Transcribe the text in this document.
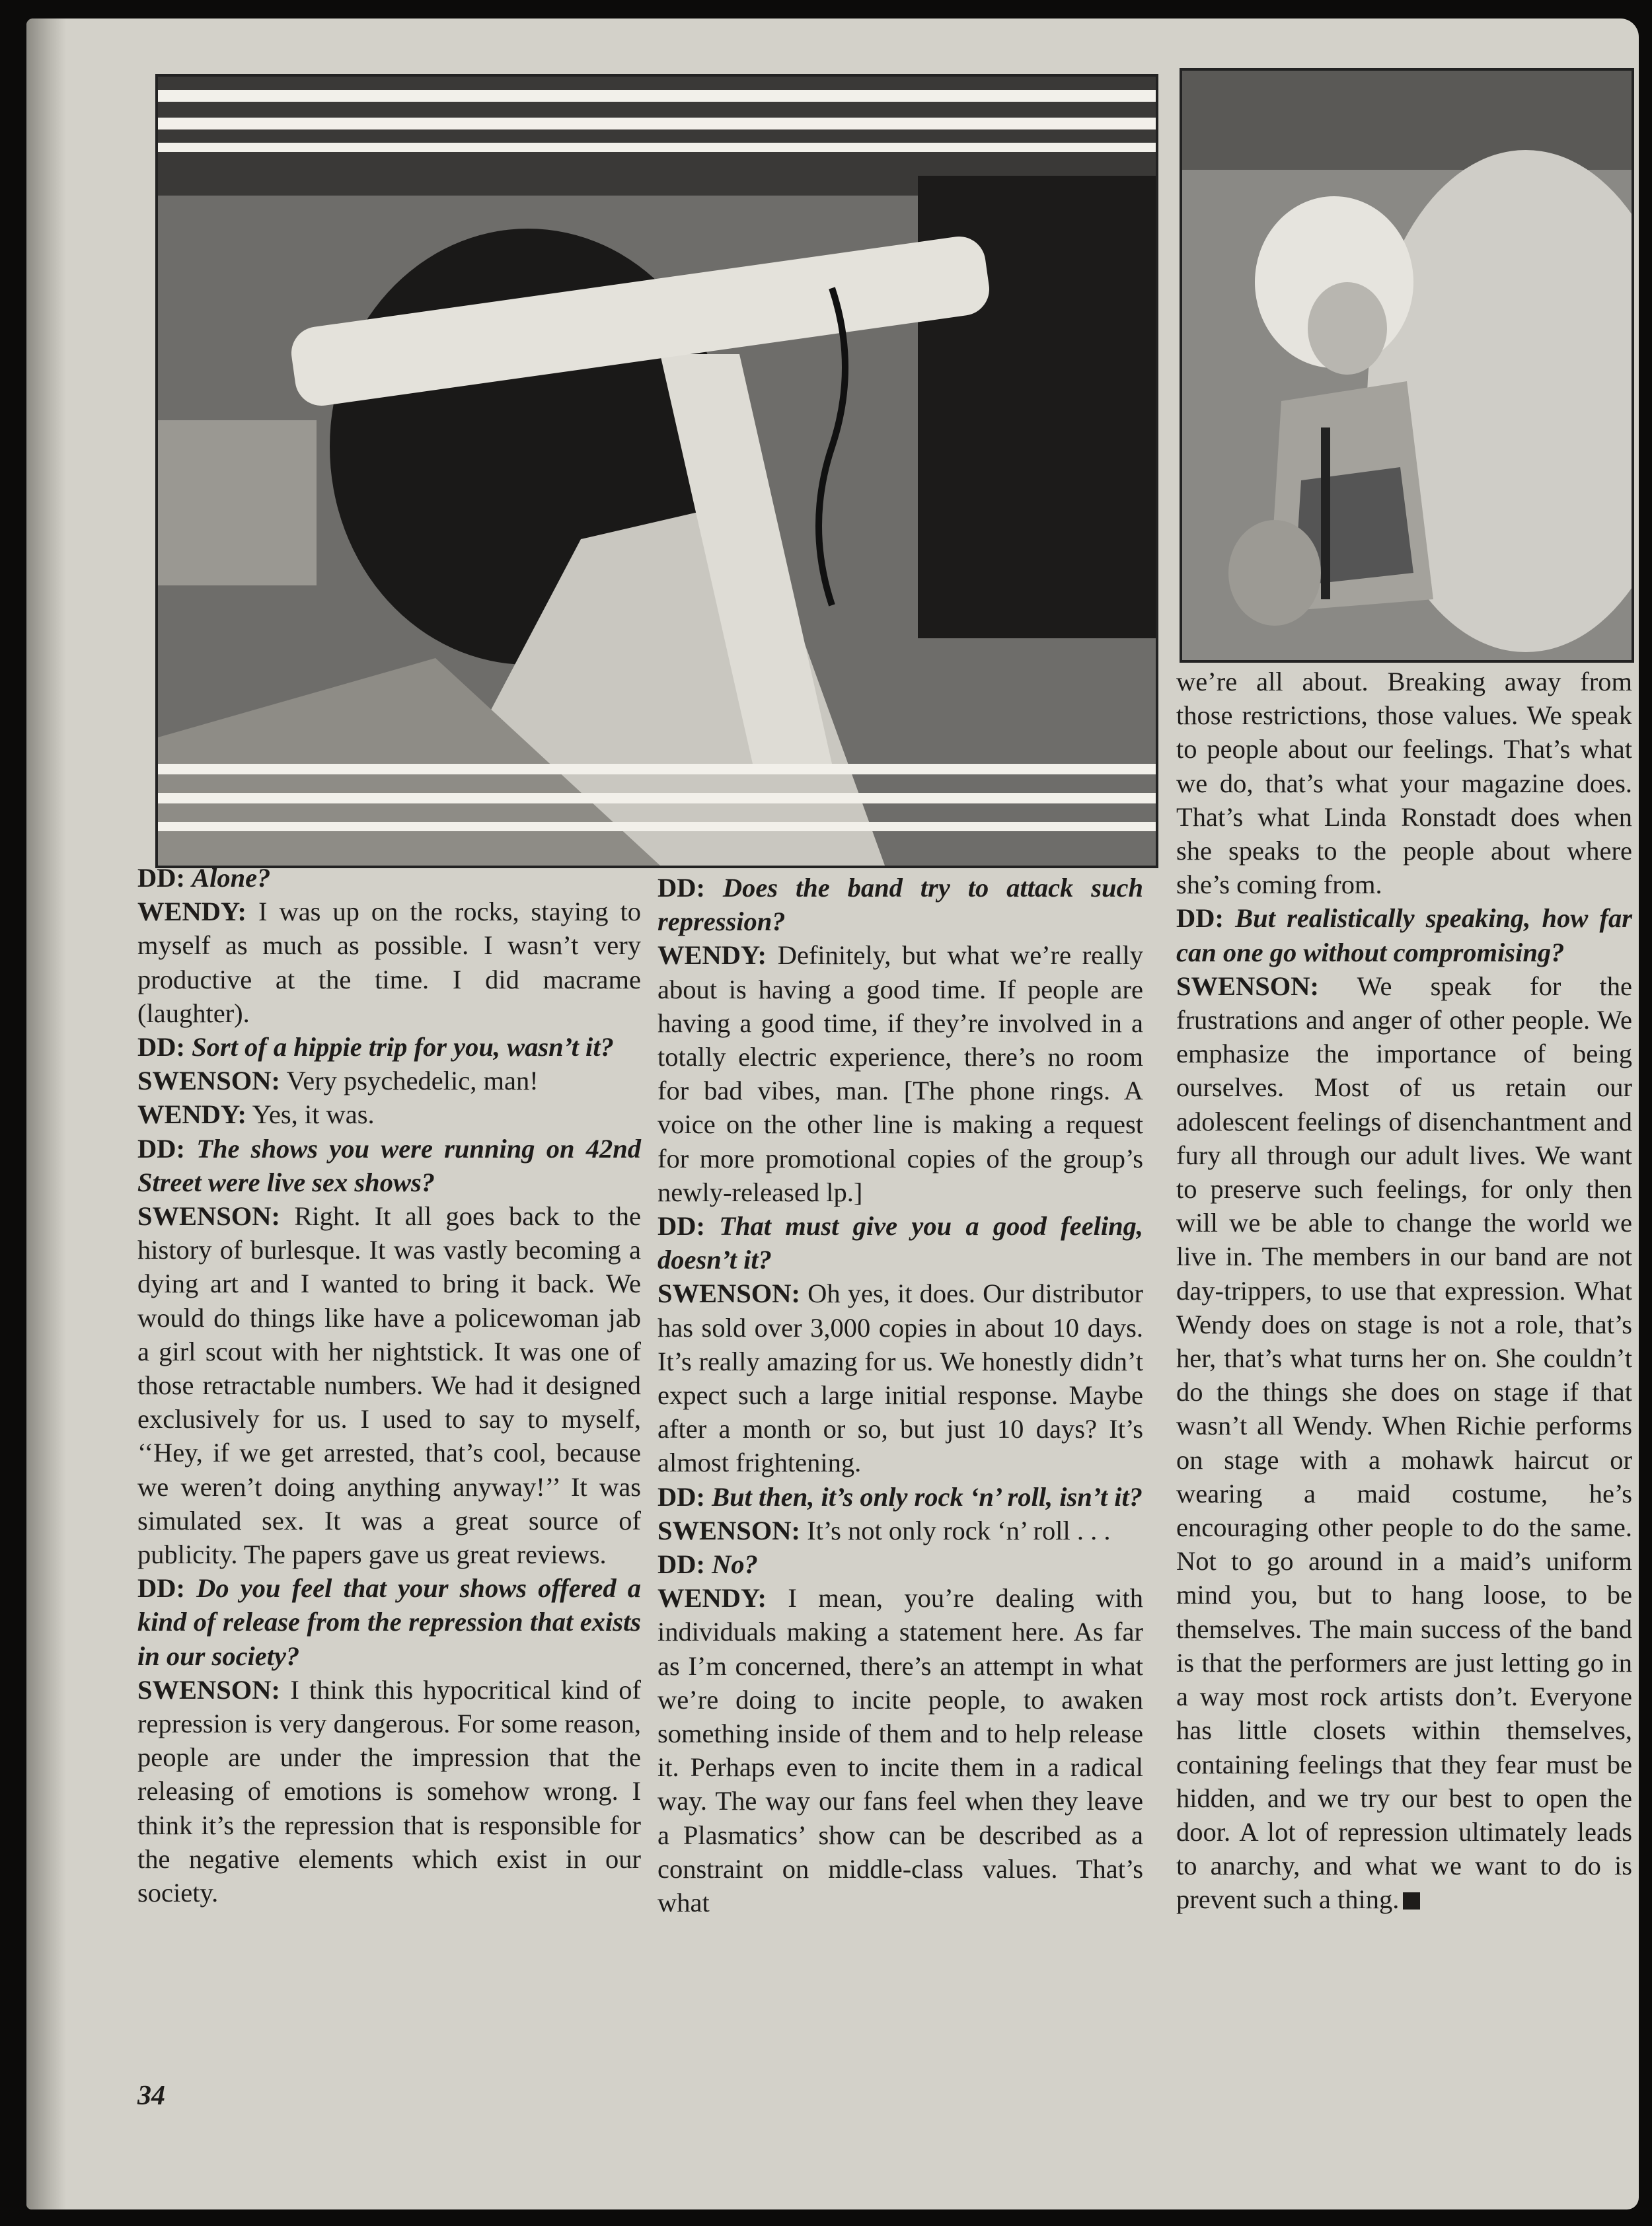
DD: Alone?

WENDY: I was up on the rocks, staying to myself as much as possible. I wasn’t very productive at the time. I did macrame (laughter).

DD: Sort of a hippie trip for you, wasn’t it?

SWENSON: Very psychedelic, man!

WENDY: Yes, it was.

DD: The shows you were running on 42nd Street were live sex shows?

SWENSON: Right. It all goes back to the history of burlesque. It was vastly becoming a dying art and I wanted to bring it back. We would do things like have a policewoman jab a girl scout with her nightstick. It was one of those retractable numbers. We had it designed exclusively for us. I used to say to myself, ‘‘Hey, if we get arrested, that’s cool, because we weren’t doing anything anyway!’’ It was simulated sex. It was a great source of publicity. The papers gave us great reviews.

DD: Do you feel that your shows offered a kind of release from the repression that exists in our society?

SWENSON: I think this hypocritical kind of repression is very dangerous. For some reason, people are under the impression that the releasing of emotions is somehow wrong. I think it’s the repression that is responsible for the negative elements which exist in our society.

DD: Does the band try to attack such repression?

WENDY: Definitely, but what we’re really about is having a good time. If people are having a good time, if they’re involved in a totally electric experience, there’s no room for bad vibes, man. [The phone rings. A voice on the other line is making a request for more promotional copies of the group’s newly-released lp.]

DD: That must give you a good feeling, doesn’t it?

SWENSON: Oh yes, it does. Our distributor has sold over 3,000 copies in about 10 days. It’s really amazing for us. We honestly didn’t expect such a large initial response. Maybe after a month or so, but just 10 days? It’s almost frightening.

DD: But then, it’s only rock ‘n’ roll, isn’t it?

SWENSON: It’s not only rock ‘n’ roll . . .

DD: No?

WENDY: I mean, you’re dealing with individuals making a statement here. As far as I’m concerned, there’s an attempt in what we’re doing to incite people, to awaken something inside of them and to help release it. Perhaps even to incite them in a radical way. The way our fans feel when they leave a Plasmatics’ show can be described as a constraint on middle-class values. That’s what

we’re all about. Breaking away from those restrictions, those values. We speak to people about our feelings. That’s what we do, that’s what your magazine does. That’s what Linda Ronstadt does when she speaks to the people about where she’s coming from.

DD: But realistically speaking, how far can one go without compromising?

SWENSON: We speak for the frustrations and anger of other people. We emphasize the importance of being ourselves. Most of us retain our adolescent feelings of disenchantment and fury all through our adult lives. We want to preserve such feelings, for only then will we be able to change the world we live in. The members in our band are not day-trippers, to use that expression. What Wendy does on stage is not a role, that’s her, that’s what turns her on. She couldn’t do the things she does on stage if that wasn’t all Wendy. When Richie performs on stage with a mohawk haircut or wearing a maid costume, he’s encouraging other people to do the same. Not to go around in a maid’s uniform mind you, but to hang loose, to be themselves. The main success of the band is that the performers are just letting go in a way most rock artists don’t. Everyone has little closets within themselves, containing feelings that they fear must be hidden, and we try our best to open the door. A lot of repression ultimately leads to anarchy, and what we want to do is prevent such a thing.

34
